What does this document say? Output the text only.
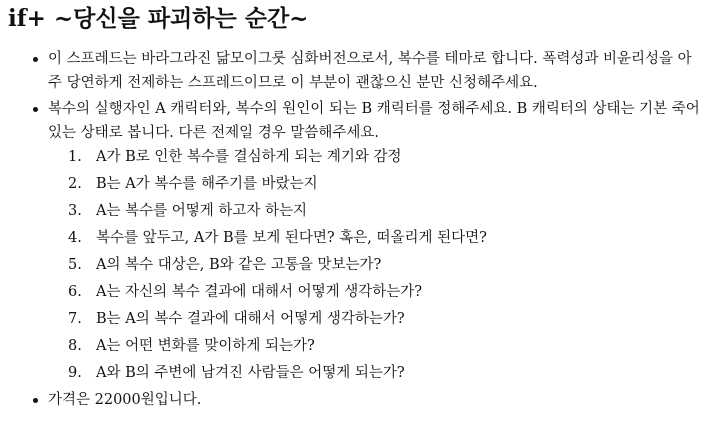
if+ ~당신을 파괴하는 순간~
이 스프레드는 바라그라진 닮모이그룻 심화버전으로서, 복수를 테마로 합니다. 폭력성과 비윤리성을 아주 당연하게 전제하는 스프레드이므로 이 부분이 괜찮으신 분만 신청해주세요.
복수의 실행자인 A 캐릭터와, 복수의 원인이 되는 B 캐릭터를 정해주세요. B 캐릭터의 상태는 기본 죽어있는 상태로 봅니다. 다른 전제일 경우 말씀해주세요.
1. A가 B로 인한 복수를 결심하게 되는 계기와 감정
2. B는 A가 복수를 해주기를 바랐는지
3. A는 복수를 어떻게 하고자 하는지
4. 복수를 앞두고, A가 B를 보게 된다면? 혹은, 떠올리게 된다면?
5. A의 복수 대상은, B와 같은 고통을 맛보는가?
6. A는 자신의 복수 결과에 대해서 어떻게 생각하는가?
7. B는 A의 복수 결과에 대해서 어떻게 생각하는가?
8. A는 어떤 변화를 맞이하게 되는가?
9. A와 B의 주변에 남겨진 사람들은 어떻게 되는가?
가격은 22000원입니다.
